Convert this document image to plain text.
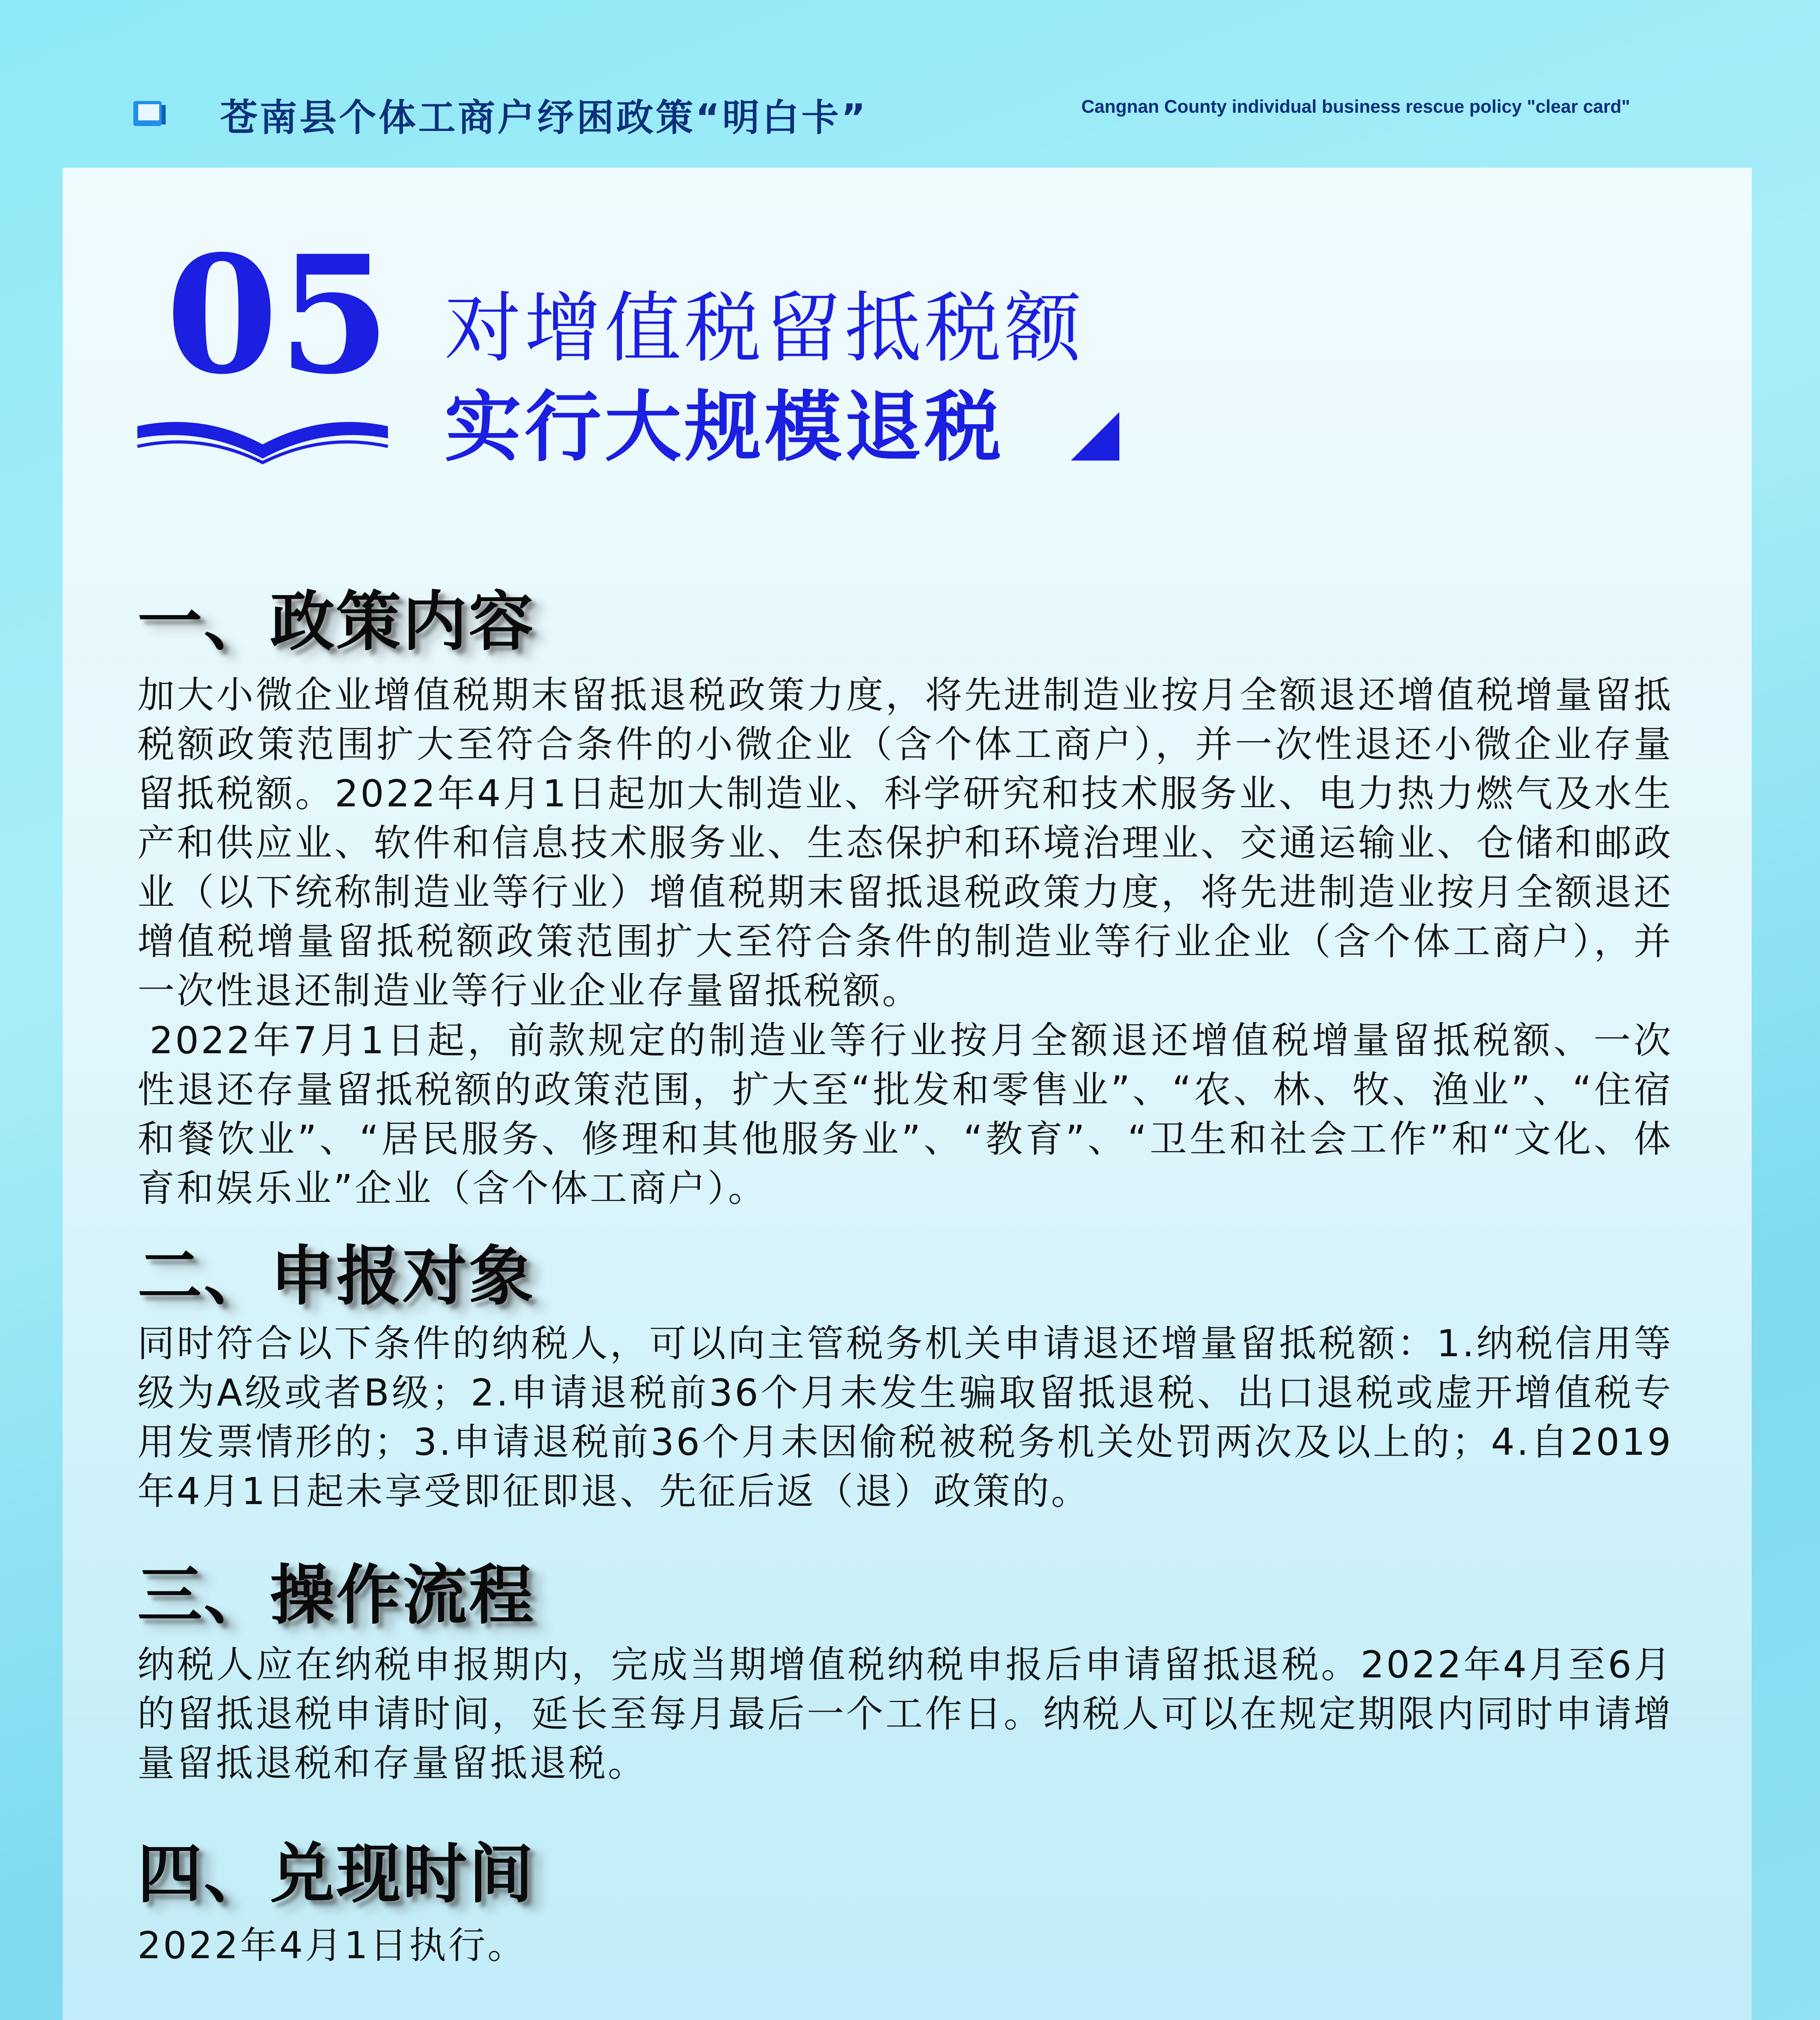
苍南县个体工商户纾困政策“明白卡”	Cangnan County individual business rescue policy "clear card"
05 对增值税留抵税额
实行大规模退税
一、政策内容
加大小微企业增值税期末留抵退税政策力度，将先进制造业按月全额退还增值税增量留抵税额政策范围扩大至符合条件的小微企业（含个体工商户），并一次性退还小微企业存量留抵税额。2022年4月1日起加大制造业、科学研究和技术服务业、电力热力燃气及水生产和供应业、软件和信息技术服务业、生态保护和环境治理业、交通运输业、仓储和邮政业（以下统称制造业等行业）增值税期末留抵退税政策力度，将先进制造业按月全额退还增值税增量留抵税额政策范围扩大至符合条件的制造业等行业企业（含个体工商户），并一次性退还制造业等行业企业存量留抵税额。
2022年7月1日起，前款规定的制造业等行业按月全额退还增值税增量留抵税额、一次性退还存量留抵税额的政策范围，扩大至“批发和零售业”、“农、林、牧、渔业”、“住宿和餐饮业”、“居民服务、修理和其他服务业”、“教育”、“卫生和社会工作”和“文化、体育和娱乐业”企业（含个体工商户）。
二、申报对象
同时符合以下条件的纳税人，可以向主管税务机关申请退还增量留抵税额：1.纳税信用等级为A级或者B级；2.申请退税前36个月未发生骗取留抵退税、出口退税或虚开增值税专用发票情形的；3.申请退税前36个月未因偷税被税务机关处罚两次及以上的；4.自2019年4月1日起未享受即征即退、先征后返（退）政策的。
三、操作流程
纳税人应在纳税申报期内，完成当期增值税纳税申报后申请留抵退税。2022年4月至6月的留抵退税申请时间，延长至每月最后一个工作日。纳税人可以在规定期限内同时申请增量留抵退税和存量留抵退税。
四、兑现时间
2022年4月1日执行。
